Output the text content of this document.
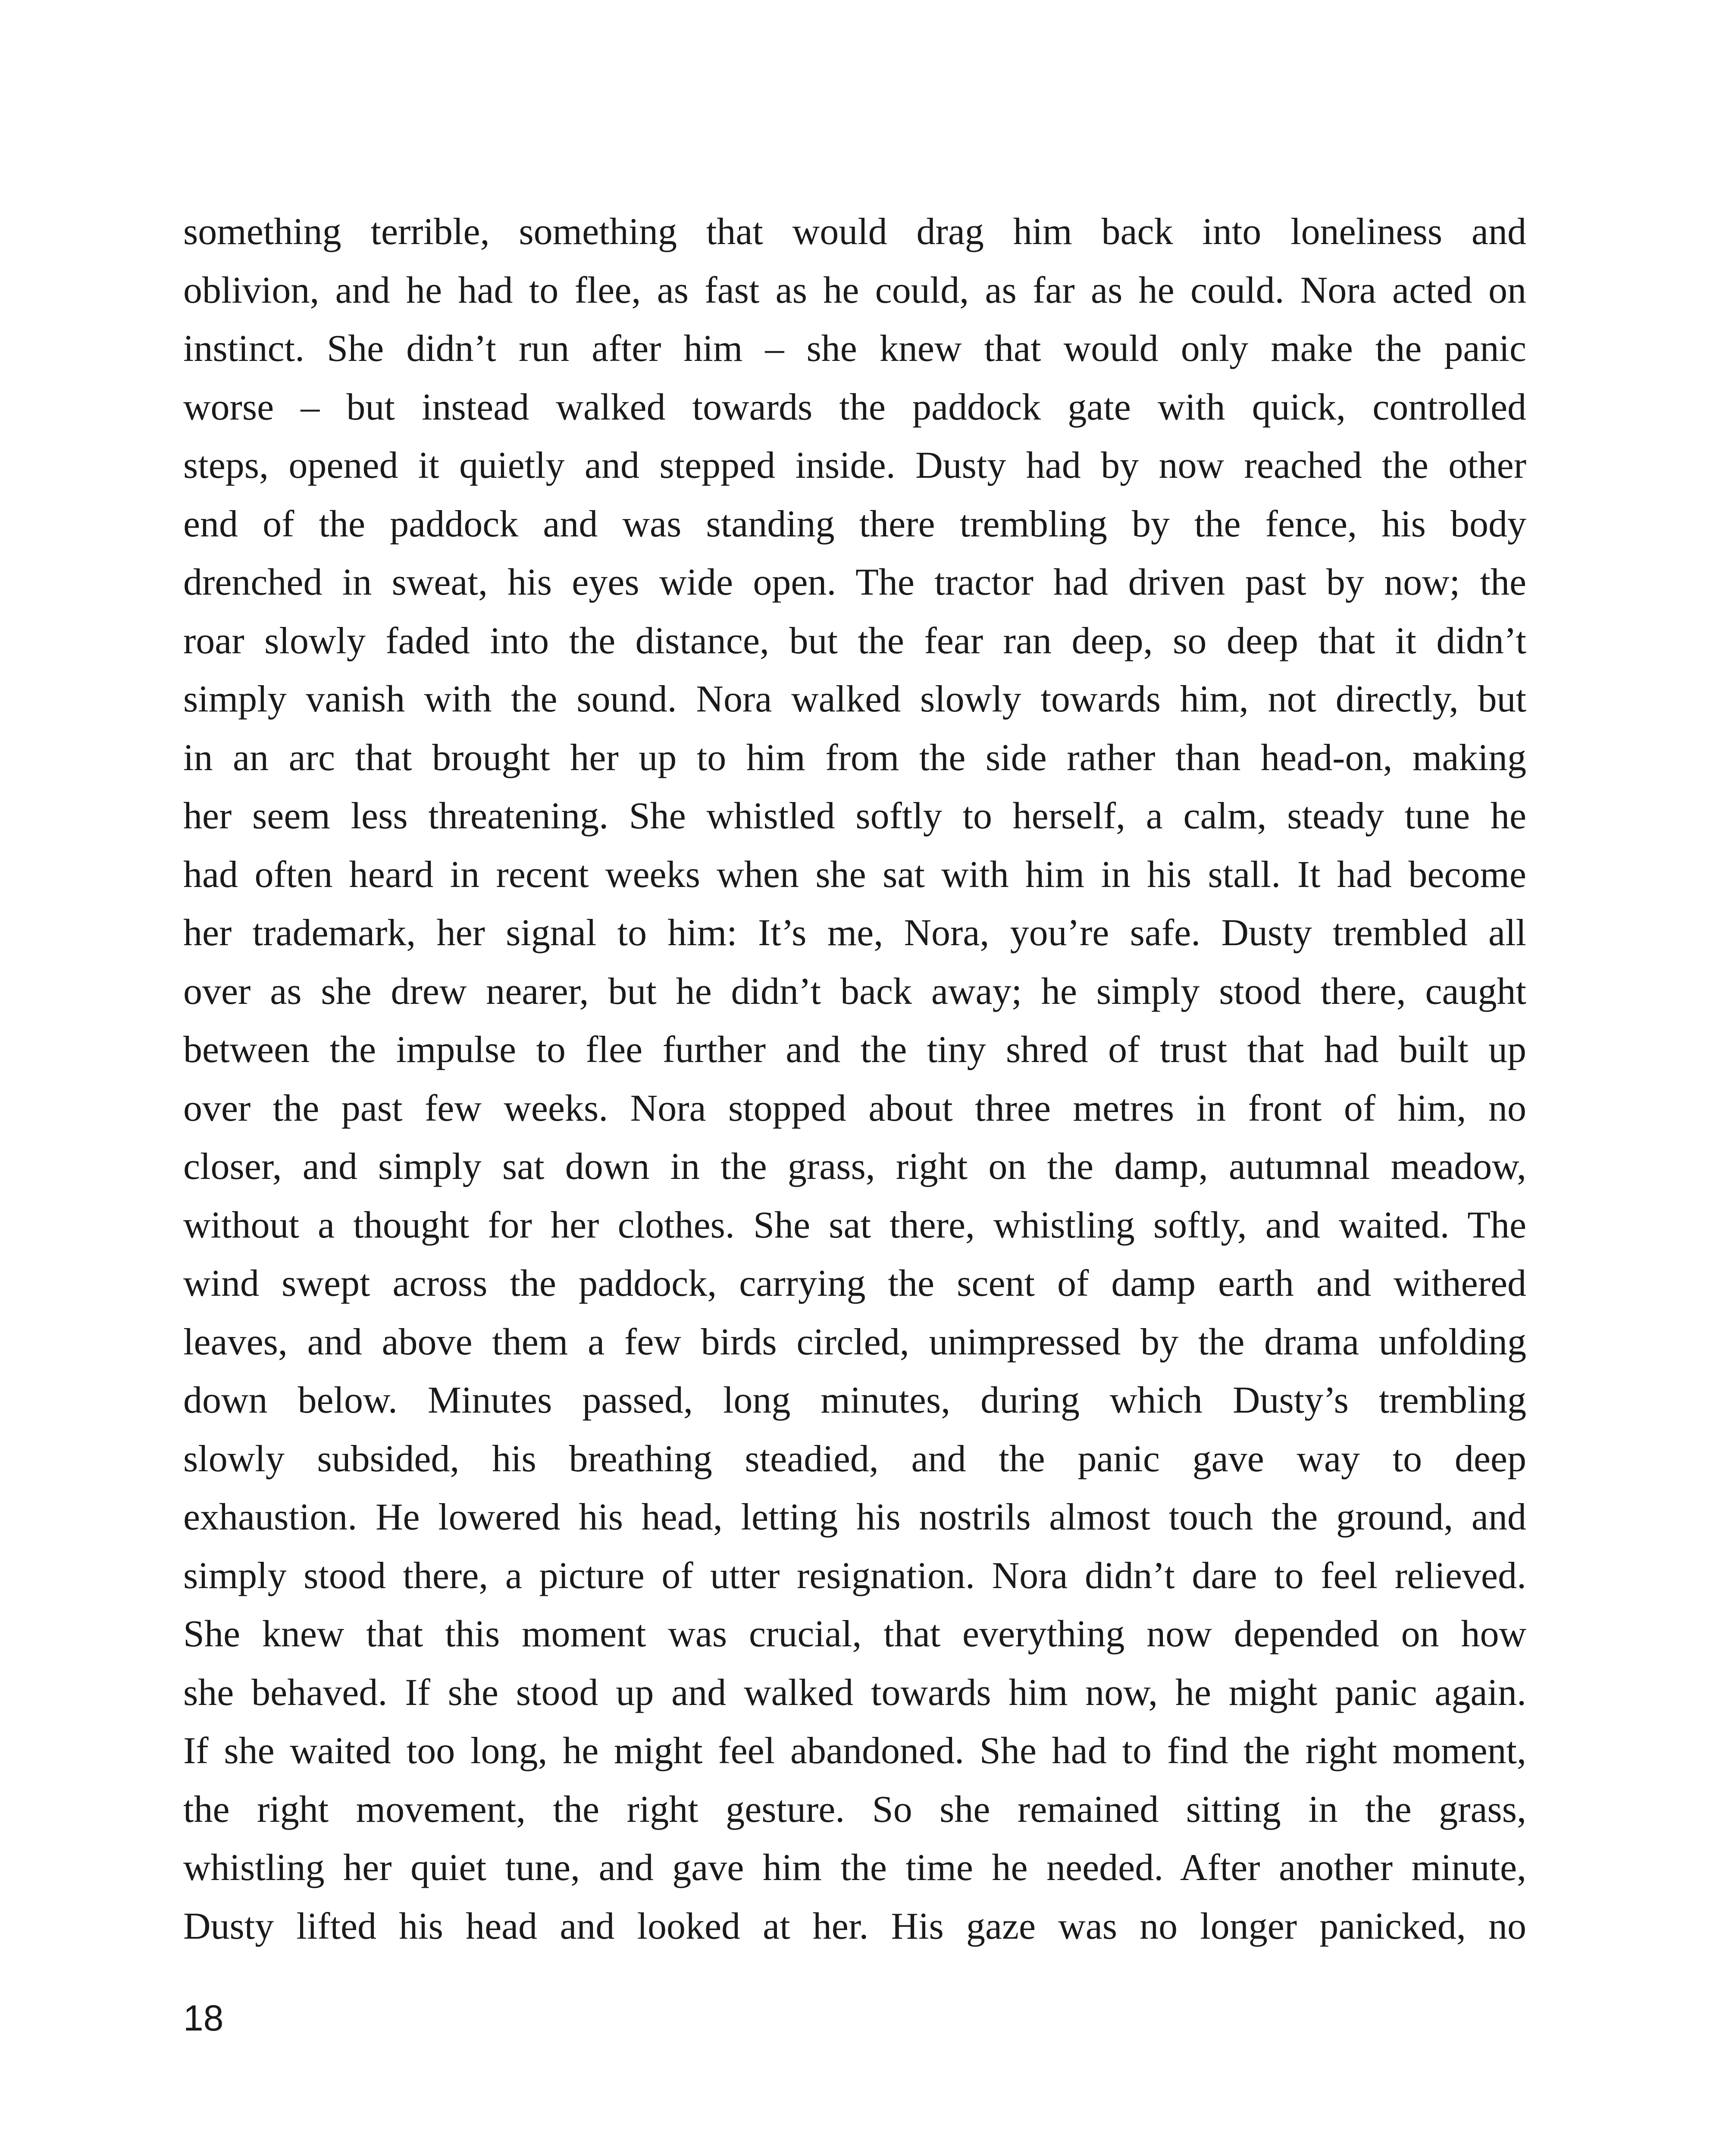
something terrible, something that would drag him back into loneliness and
oblivion, and he had to flee, as fast as he could, as far as he could. Nora acted on
instinct. She didn’t run after him – she knew that would only make the panic
worse – but instead walked towards the paddock gate with quick, controlled
steps, opened it quietly and stepped inside. Dusty had by now reached the other
end of the paddock and was standing there trembling by the fence, his body
drenched in sweat, his eyes wide open. The tractor had driven past by now; the
roar slowly faded into the distance, but the fear ran deep, so deep that it didn’t
simply vanish with the sound. Nora walked slowly towards him, not directly, but
in an arc that brought her up to him from the side rather than head-on, making
her seem less threatening. She whistled softly to herself, a calm, steady tune he
had often heard in recent weeks when she sat with him in his stall. It had become
her trademark, her signal to him: It’s me, Nora, you’re safe. Dusty trembled all
over as she drew nearer, but he didn’t back away; he simply stood there, caught
between the impulse to flee further and the tiny shred of trust that had built up
over the past few weeks. Nora stopped about three metres in front of him, no
closer, and simply sat down in the grass, right on the damp, autumnal meadow,
without a thought for her clothes. She sat there, whistling softly, and waited. The
wind swept across the paddock, carrying the scent of damp earth and withered
leaves, and above them a few birds circled, unimpressed by the drama unfolding
down below. Minutes passed, long minutes, during which Dusty’s trembling
slowly subsided, his breathing steadied, and the panic gave way to deep
exhaustion. He lowered his head, letting his nostrils almost touch the ground, and
simply stood there, a picture of utter resignation. Nora didn’t dare to feel relieved.
She knew that this moment was crucial, that everything now depended on how
she behaved. If she stood up and walked towards him now, he might panic again.
If she waited too long, he might feel abandoned. She had to find the right moment,
the right movement, the right gesture. So she remained sitting in the grass,
whistling her quiet tune, and gave him the time he needed. After another minute,
Dusty lifted his head and looked at her. His gaze was no longer panicked, no
18
